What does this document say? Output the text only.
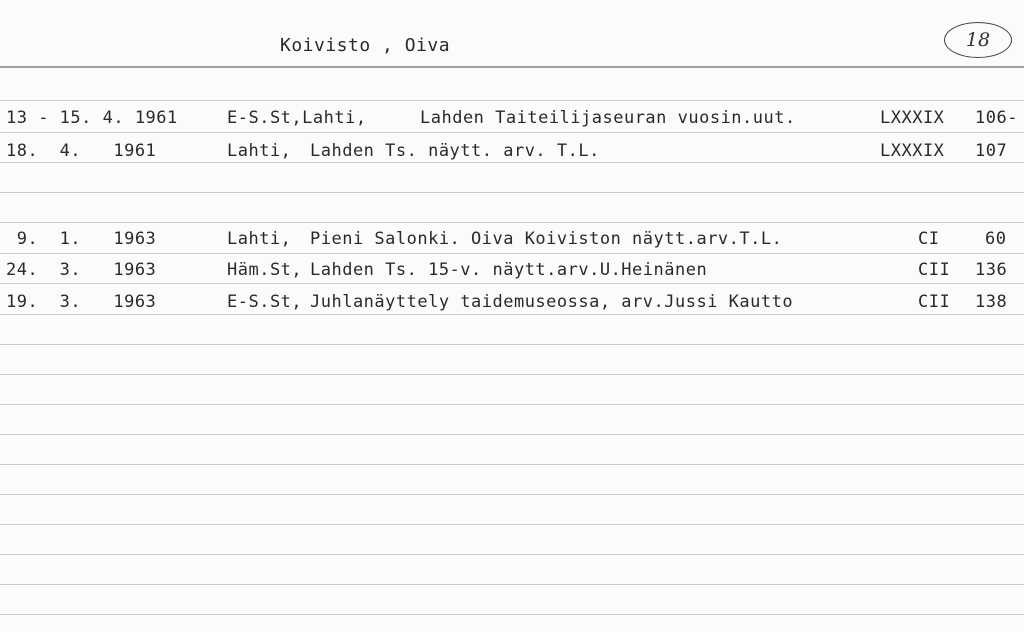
Koivisto , Oiva	18
13 - 15. 4. 1961	E-S.St,Lahti,	Lahden Taiteilijaseuran vuosin.uut.	LXXXIX 106-
18.  4.   1961	Lahti, Lahden Ts. näytt. arv. T.L.	LXXXIX 107
9.  1.   1963	Lahti, Pieni Salonki. Oiva Koiviston näytt.arv.T.L.	CI	60
24.  3.   1963	Häm.St, Lahden Ts. 15-v. näytt.arv.U.Heinänen	CII 136
19.  3.   1963	E-S.St, Juhlanäyttely taidemuseossa, arv.Jussi Kautto	CII 138
